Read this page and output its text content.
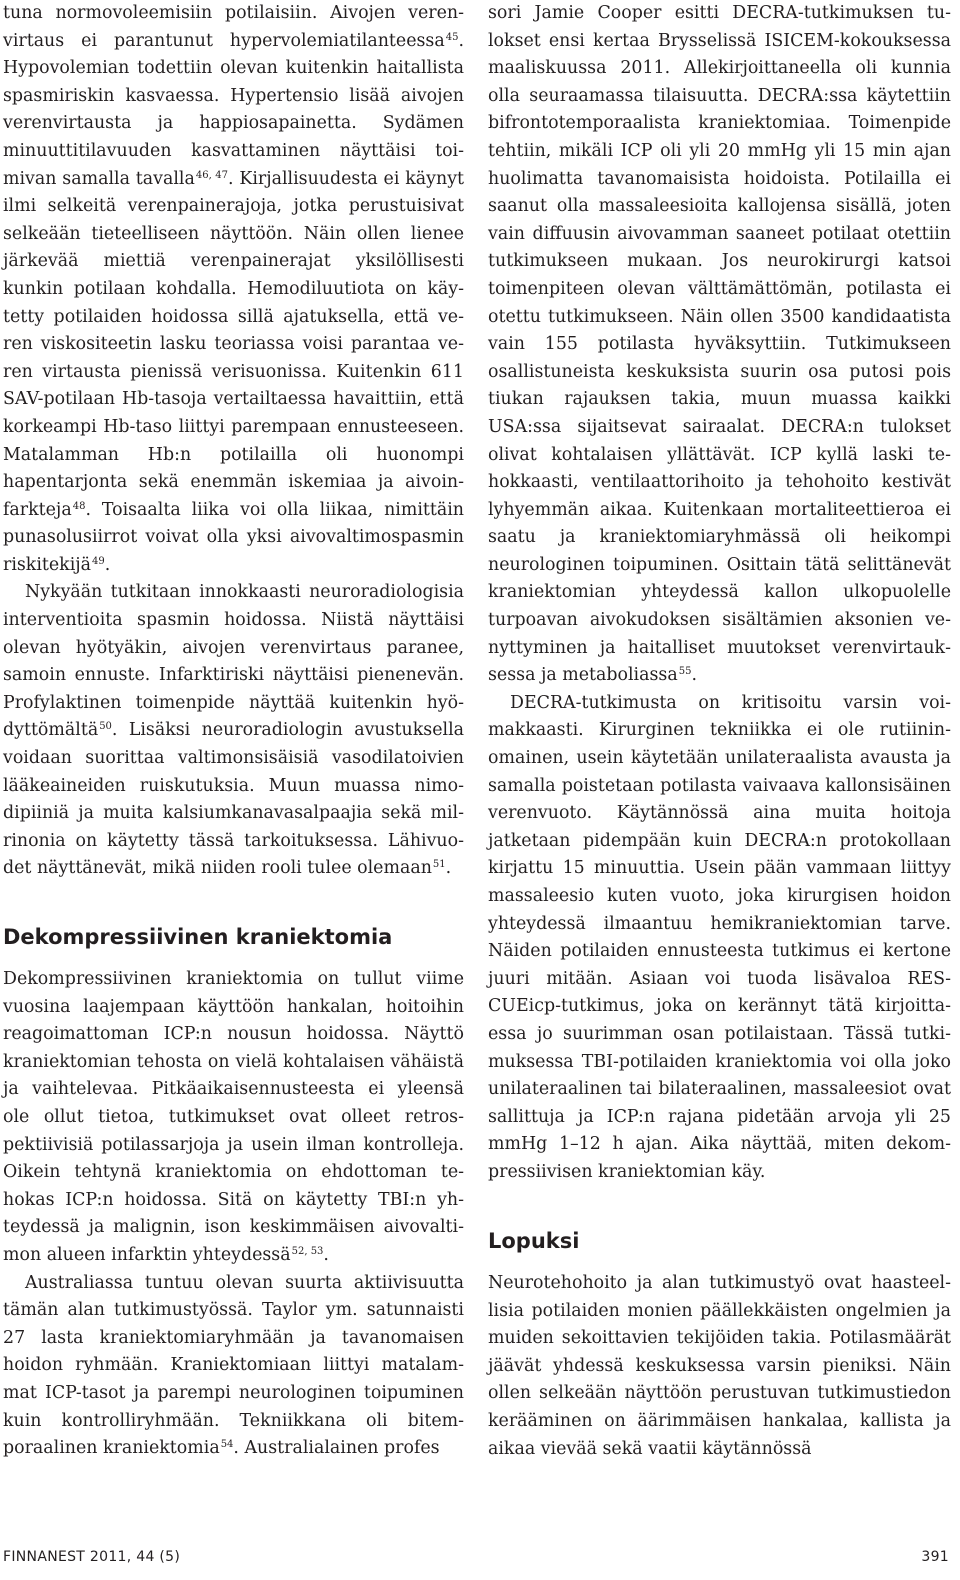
tuna normovoleemisiin potilaisiin. Aivojen verenvirtaus ei parantunut hypervolemiatilanteessa$^{45}$. Hypovolemian todettiin olevan kuitenkin haitallista spasmiriskin kasvaessa. Hypertensio lisää aivojen verenvirtausta ja happiosapainetta. Sydämen minuuttitilavuuden kasvattaminen näyttäisi toimivan samalla tavalla$^{46, 47}$. Kirjallisuudesta ei käynyt ilmi selkeitä verenpainerajoja, jotka perustuisivat selkeään tieteelliseen näyttöön. Näin ollen lienee järkevää miettiä verenpainerajat yksilöllisesti kunkin potilaan kohdalla. Hemodiluutiota on käytetty potilaiden hoidossa sillä ajatuksella, että veren viskositeetin lasku teoriassa voisi parantaa veren virtausta pienissä verisuonissa. Kuitenkin 611 SAV-potilaan Hb-tasoja vertailtaessa havaittiin, että korkeampi Hb-taso liittyi parempaan ennusteeseen. Matalamman Hb:n potilailla oli huonompi hapentarjonta sekä enemmän iskemiaa ja aivoinfarkteja$^{48}$. Toisaalta liika voi olla liikaa, nimittäin punasolusiirrot voivat olla yksi aivovaltimospasmin riskitekijä$^{49}$.

Nykyään tutkitaan innokkaasti neuroradiologisia interventioita spasmin hoidossa. Niistä näyttäisi olevan hyötyäkin, aivojen verenvirtaus paranee, samoin ennuste. Infarktiriski näyttäisi pienenevän. Profylaktinen toimenpide näyttää kuitenkin hyödyttömältä$^{50}$. Lisäksi neuroradiologin avustuksella voidaan suorittaa valtimonsisäisiä vasodilatoivien lääkeaineiden ruiskutuksia. Muun muassa nimodipiiniä ja muita kalsiumkanavasalpaajia sekä milrinonia on käytetty tässä tarkoituksessa. Lähivuodet näyttänevät, mikä niiden rooli tulee olemaan$^{51}$.

Dekompressiivinen kraniektomia

Dekompressiivinen kraniektomia on tullut viime vuosina laajempaan käyttöön hankalan, hoitoihin reagoimattoman ICP:n nousun hoidossa. Näyttö kraniektomian tehosta on vielä kohtalaisen vähäistä ja vaihtelevaa. Pitkäaikaisennusteesta ei yleensä ole ollut tietoa, tutkimukset ovat olleet retrospektiivisiä potilassarjoja ja usein ilman kontrolleja. Oikein tehtynä kraniektomia on ehdottoman tehokas ICP:n hoidossa. Sitä on käytetty TBI:n yhteydessä ja malignin, ison keskimmäisen aivovaltimon alueen infarktin yhteydessä$^{52, 53}$.

Australiassa tuntuu olevan suurta aktiivisuutta tämän alan tutkimustyössä. Taylor ym. satunnaisti 27 lasta kraniektomiaryhmään ja tavanomaisen hoidon ryhmään. Kraniektomiaan liittyi matalammat ICP-tasot ja parempi neurologinen toipuminen kuin kontrolliryhmään. Tekniikkana oli bitemporaalinen kraniektomia$^{54}$. Australialainen profes

sori Jamie Cooper esitti DECRA-tutkimuksen tulokset ensi kertaa Brysselissä ISICEM-kokouksessa maaliskuussa 2011. Allekirjoittaneella oli kunnia olla seuraamassa tilaisuutta. DECRA:ssa käytettiin bifrontotemporaalista kraniektomiaa. Toimenpide tehtiin, mikäli ICP oli yli 20 mmHg yli 15 min ajan huolimatta tavanomaisista hoidoista. Potilailla ei saanut olla massaleesioita kallojensa sisällä, joten vain diffuusin aivovamman saaneet potilaat otettiin tutkimukseen mukaan. Jos neurokirurgi katsoi toimenpiteen olevan välttämättömän, potilasta ei otettu tutkimukseen. Näin ollen 3500 kandidaatista vain 155 potilasta hyväksyttiin. Tutkimukseen osallistuneista keskuksista suurin osa putosi pois tiukan rajauksen takia, muun muassa kaikki USA:ssa sijaitsevat sairaalat. DECRA:n tulokset olivat kohtalaisen yllättävät. ICP kyllä laski tehokkaasti, ventilaattorihoito ja tehohoito kestivät lyhyemmän aikaa. Kuitenkaan mortaliteettieroa ei saatu ja kraniektomiaryhmässä oli heikompi neurologinen toipuminen. Osittain tätä selittänevät kraniektomian yhteydessä kallon ulkopuolelle turpoavan aivokudoksen sisältämien aksonien venyttyminen ja haitalliset muutokset verenvirtauksessa ja metaboliassa$^{55}$.

DECRA-tutkimusta on kritisoitu varsin voimakkaasti. Kirurginen tekniikka ei ole rutiininomainen, usein käytetään unilateraalista avausta ja samalla poistetaan potilasta vaivaava kallonsisäinen verenvuoto. Käytännössä aina muita hoitoja jatketaan pidempään kuin DECRA:n protokollaan kirjattu 15 minuuttia. Usein pään vammaan liittyy massaleesio kuten vuoto, joka kirurgisen hoidon yhteydessä ilmaantuu hemikraniektomian tarve. Näiden potilaiden ennusteesta tutkimus ei kertone juuri mitään. Asiaan voi tuoda lisävaloa RESCUEicp-tutkimus, joka on kerännyt tätä kirjoittaessa jo suurimman osan potilaistaan. Tässä tutkimuksessa TBI-potilaiden kraniektomia voi olla joko unilateraalinen tai bilateraalinen, massaleesiot ovat sallittuja ja ICP:n rajana pidetään arvoja yli 25 mmHg 1–12 h ajan. Aika näyttää, miten dekompressiivisen kraniektomian käy.

Lopuksi

Neurotehohoito ja alan tutkimustyö ovat haasteellisia potilaiden monien päällekkäisten ongelmien ja muiden sekoittavien tekijöiden takia. Potilasmäärät jäävät yhdessä keskuksessa varsin pieniksi. Näin ollen selkeään näyttöön perustuvan tutkimustiedon kerääminen on äärimmäisen hankalaa, kallista ja aikaa vievää sekä vaatii käytännössä

FINNANEST 2011, 44 (5)	391
